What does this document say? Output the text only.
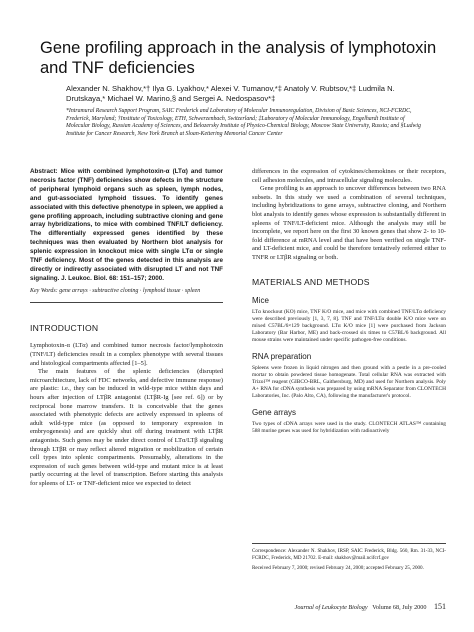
Gene profiling approach in the analysis of lymphotoxin and TNF deficiencies
Alexander N. Shakhov,*† Ilya G. Lyakhov,* Alexei V. Tumanov,*‡ Anatoly V. Rubtsov,*‡ Ludmila N. Drutskaya,* Michael W. Marino,§ and Sergei A. Nedospasov*‡
*Intramural Research Support Program, SAIC Frederick and Laboratory of Molecular Immunoregulation, Division of Basic Sciences, NCI-FCRDC, Frederick, Maryland; †Institute of Toxicology, ETH, Schwerzenbach, Switzerland; ‡Laboratory of Molecular Immunology, Engelhardt Institute of Molecular Biology, Russian Academy of Sciences, and Belozersky Institute of Physico-Chemical Biology, Moscow State University, Russia; and §Ludwig Institute for Cancer Research, New York Branch at Sloan-Kettering Memorial Cancer Center

Abstract: Mice with combined lymphotoxin-α (LTα) and tumor necrosis factor (TNF) deficiencies show defects in the structure of peripheral lymphoid organs such as spleen, lymph nodes, and gut-associated lymphoid tissues. To identify genes associated with this defective phenotype in spleen, we applied a gene profiling approach, including subtractive cloning and gene array hybridizations, to mice with combined TNF/LT deficiency. The differentially expressed genes identified by these techniques was then evaluated by Northern blot analysis for splenic expression in knockout mice with single LTα or single TNF deficiency. Most of the genes detected in this analysis are directly or indirectly associated with disrupted LT and not TNF signaling. J. Leukoc. Biol. 68: 151–157; 2000.

Key Words: gene arrays · subtractive cloning · lymphoid tissue · spleen

INTRODUCTION

Lymphotoxin-α (LTα) and combined tumor necrosis factor/lymphotoxin (TNF/LT) deficiencies result in a complex phenotype with several tissues and histological compartments affected [1–5].

The main features of the splenic deficiencies (disrupted microarchitecture, lack of FDC networks, and defective immune response) are plastic: i.e., they can be induced in wild-type mice within days and hours after injection of LTβR antagonist (LTβR-Ig [see ref. 6]) or by reciprocal bone marrow transfers. It is conceivable that the genes associated with phenotypic defects are actively expressed in spleens of adult wild-type mice (as opposed to temporary expression in embryogenesis) and are quickly shut off during treatment with LTβR antagonists. Such genes may be under direct control of LTα/LTβ signaling through LTβR or may reflect altered migration or mobilization of certain cell types into splenic compartments. Presumably, alterations in the expression of such genes between wild-type and mutant mice is at least partly occurring at the level of transcription. Before starting this analysis for spleens of LT- or TNF-deficient mice we expected to detect

differences in the expression of cytokines/chemokines or their receptors, cell adhesion molecules, and intracellular signaling molecules.

Gene profiling is an approach to uncover differences between two RNA subsets. In this study we used a combination of several techniques, including hybridizations to gene arrays, subtractive cloning, and Northern blot analysis to identify genes whose expression is substantially different in spleens of TNF/LT-deficient mice. Although the analysis may still be incomplete, we report here on the first 30 known genes that show 2- to 10-fold difference at mRNA level and that have been verified on single TNF- and LT-deficient mice, and could be therefore tentatively referred either to TNFR or LTβR signaling or both.

MATERIALS AND METHODS
Mice

LTα knockout (KO) mice, TNF K/O mice, and mice with combined TNF/LTα deficiency were described previously [1, 3, 7, 8]. TNF and TNF/LTα double K/O mice were on mixed C57BL/6×129 background. LTα K/O mice [1] were purchased from Jackson Laboratory (Bar Harbor, ME) and back-crossed six times to C57BL/6 background. All mouse strains were maintained under specific pathogen-free conditions.

RNA preparation

Spleens were frozen in liquid nitrogen and then ground with a pestle in a pre-cooled mortar to obtain powdered tissue homogenate. Total cellular RNA was extracted with Trizol™ reagent (GIBCO-BRL, Gaithersburg, MD) and used for Northern analysis. Poly A+ RNA for cDNA synthesis was prepared by using mRNA Separator from CLONTECH Laboratories, Inc. (Palo Alto, CA), following the manufacturer's protocol.

Gene arrays

Two types of cDNA arrays were used in the study. CLONTECH ATLAS™ containing 588 murine genes was used for hybridization with radioactively

Correspondence: Alexander N. Shakhov, IRSP, SAIC Frederick, Bldg. 560, Rm. 31-33, NCI-FCRDC, Frederick, MD 21702. E-mail: shakhov@mail.ncifcrf.gov

Received February 7, 2000; revised February 24, 2000; accepted February 25, 2000.

Journal of Leukocyte Biology Volume 68, July 2000 151
